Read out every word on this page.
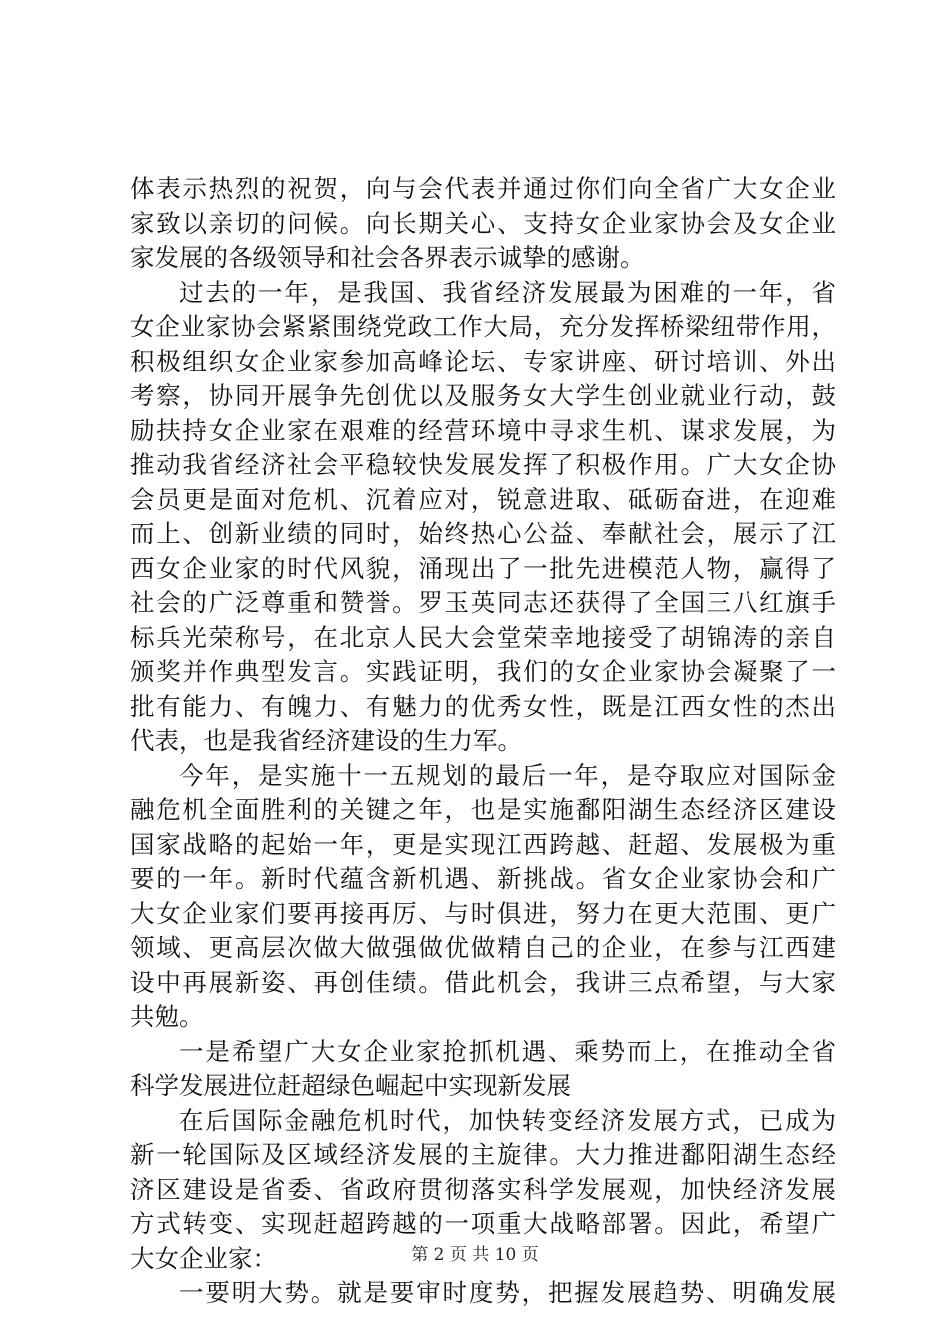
体表示热烈的祝贺，向与会代表并通过你们向全省广大女企业
家致以亲切的问候。向长期关心、支持女企业家协会及女企业
家发展的各级领导和社会各界表示诚挚的感谢。
过去的一年，是我国、我省经济发展最为困难的一年，省
女企业家协会紧紧围绕党政工作大局，充分发挥桥梁纽带作用，
积极组织女企业家参加高峰论坛、专家讲座、研讨培训、外出
考察，协同开展争先创优以及服务女大学生创业就业行动，鼓
励扶持女企业家在艰难的经营环境中寻求生机、谋求发展，为
推动我省经济社会平稳较快发展发挥了积极作用。广大女企协
会员更是面对危机、沉着应对，锐意进取、砥砺奋进，在迎难
而上、创新业绩的同时，始终热心公益、奉献社会，展示了江
西女企业家的时代风貌，涌现出了一批先进模范人物，赢得了
社会的广泛尊重和赞誉。罗玉英同志还获得了全国三八红旗手
标兵光荣称号，在北京人民大会堂荣幸地接受了胡锦涛的亲自
颁奖并作典型发言。实践证明，我们的女企业家协会凝聚了一
批有能力、有魄力、有魅力的优秀女性，既是江西女性的杰出
代表，也是我省经济建设的生力军。
今年，是实施十一五规划的最后一年，是夺取应对国际金
融危机全面胜利的关键之年，也是实施鄱阳湖生态经济区建设
国家战略的起始一年，更是实现江西跨越、赶超、发展极为重
要的一年。新时代蕴含新机遇、新挑战。省女企业家协会和广
大女企业家们要再接再厉、与时俱进，努力在更大范围、更广
领域、更高层次做大做强做优做精自己的企业，在参与江西建
设中再展新姿、再创佳绩。借此机会，我讲三点希望，与大家
共勉。
一是希望广大女企业家抢抓机遇、乘势而上，在推动全省
科学发展进位赶超绿色崛起中实现新发展
在后国际金融危机时代，加快转变经济发展方式，已成为
新一轮国际及区域经济发展的主旋律。大力推进鄱阳湖生态经
济区建设是省委、省政府贯彻落实科学发展观，加快经济发展
方式转变、实现赶超跨越的一项重大战略部署。因此，希望广
大女企业家：
一要明大势。就是要审时度势，把握发展趋势、明确发展
第 2 页 共 10 页
